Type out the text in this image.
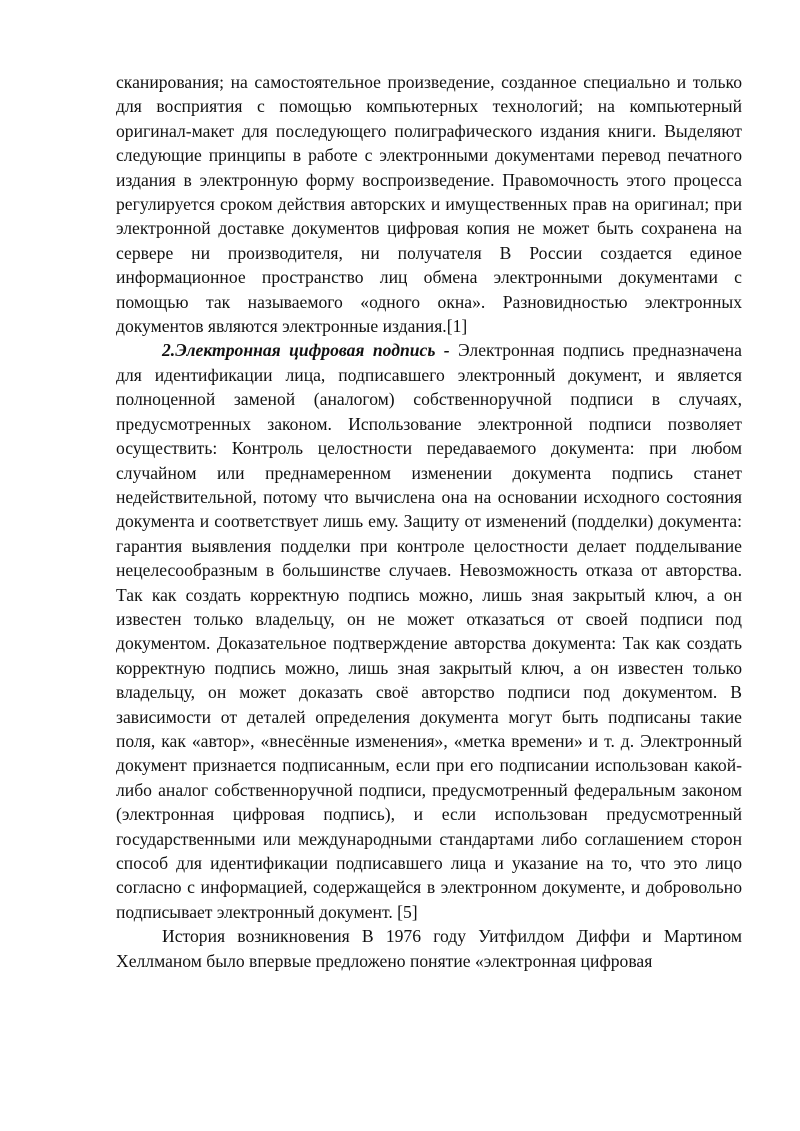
сканирования; на самостоятельное произведение, созданное специально и только для восприятия с помощью компьютерных технологий; на компьютерный оригинал-макет для последующего полиграфического издания книги. Выделяют следующие принципы в работе с электронными документами перевод печатного издания в электронную форму воспроизведение. Правомочность этого процесса регулируется сроком действия авторских и имущественных прав на оригинал; при электронной доставке документов цифровая копия не может быть сохранена на сервере ни производителя, ни получателя В России создается единое информационное пространство лиц обмена электронными документами с помощью так называемого «одного окна». Разновидностью электронных документов являются электронные издания.[1]

2.Электронная цифровая подпись - Электронная подпись предназначена для идентификации лица, подписавшего электронный документ, и является полноценной заменой (аналогом) собственноручной подписи в случаях, предусмотренных законом. Использование электронной подписи позволяет осуществить: Контроль целостности передаваемого документа: при любом случайном или преднамеренном изменении документа подпись станет недействительной, потому что вычислена она на основании исходного состояния документа и соответствует лишь ему. Защиту от изменений (подделки) документа: гарантия выявления подделки при контроле целостности делает подделывание нецелесообразным в большинстве случаев. Невозможность отказа от авторства. Так как создать корректную подпись можно, лишь зная закрытый ключ, а он известен только владельцу, он не может отказаться от своей подписи под документом. Доказательное подтверждение авторства документа: Так как создать корректную подпись можно, лишь зная закрытый ключ, а он известен только владельцу, он может доказать своё авторство подписи под документом. В зависимости от деталей определения документа могут быть подписаны такие поля, как «автор», «внесённые изменения», «метка времени» и т. д. Электронный документ признается подписанным, если при его подписании использован какой-либо аналог собственноручной подписи, предусмотренный федеральным законом (электронная цифровая подпись), и если использован предусмотренный государственными или международными стандартами либо соглашением сторон способ для идентификации подписавшего лица и указание на то, что это лицо согласно с информацией, содержащейся в электронном документе, и добровольно подписывает электронный документ. [5]

История возникновения В 1976 году Уитфилдом Диффи и Мартином Хеллманом было впервые предложено понятие «электронная цифровая
